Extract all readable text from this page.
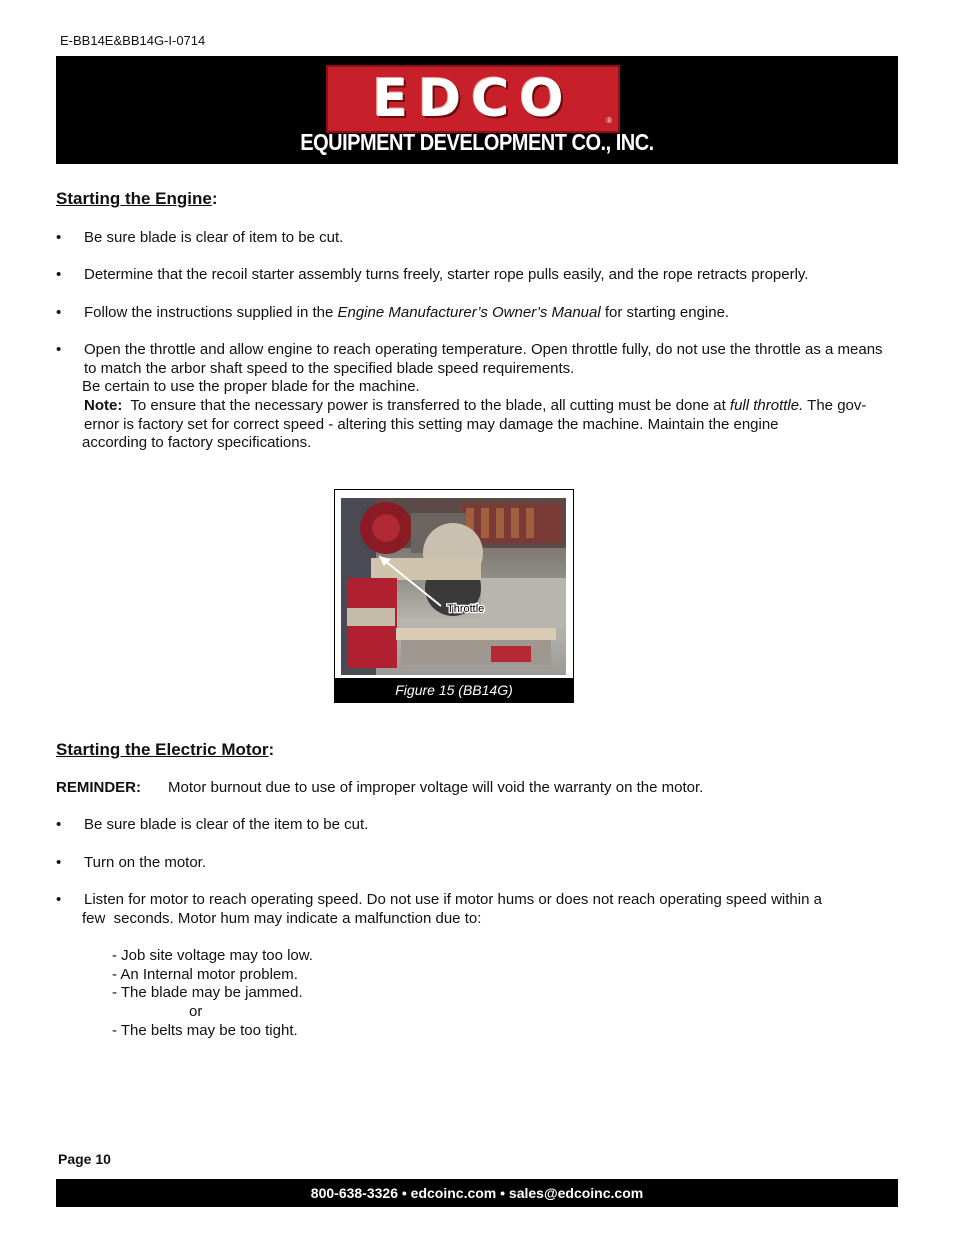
E-BB14E&BB14G-I-0714
EDCO	®
EQUIPMENT DEVELOPMENT CO., INC.
Starting the Engine:
• Be sure blade is clear of item to be cut.
• Determine that the recoil starter assembly turns freely, starter rope pulls easily, and the rope retracts properly.
• Follow the instructions supplied in the Engine Manufacturer’s Owner’s Manual for starting engine.
• Open the throttle and allow engine to reach operating temperature. Open throttle fully, do not use the throttle as a means
to match the arbor shaft speed to the specified blade speed requirements.
Be certain to use the proper blade for the machine.
Note:  To ensure that the necessary power is transferred to the blade, all cutting must be done at full throttle. The gov-
ernor is factory set for correct speed - altering this setting may damage the machine. Maintain the engine
according to factory specifications.
Throttle
Figure 15 (BB14G)
Starting the Electric Motor:
REMINDER: Motor burnout due to use of improper voltage will void the warranty on the motor.
• Be sure blade is clear of the item to be cut.
• Turn on the motor.
• Listen for motor to reach operating speed. Do not use if motor hums or does not reach operating speed within a
few  seconds. Motor hum may indicate a malfunction due to:
- Job site voltage may too low.
- An Internal motor problem.
- The blade may be jammed.
or
- The belts may be too tight.
Page 10
800-638-3326 • edcoinc.com • sales@edcoinc.com
